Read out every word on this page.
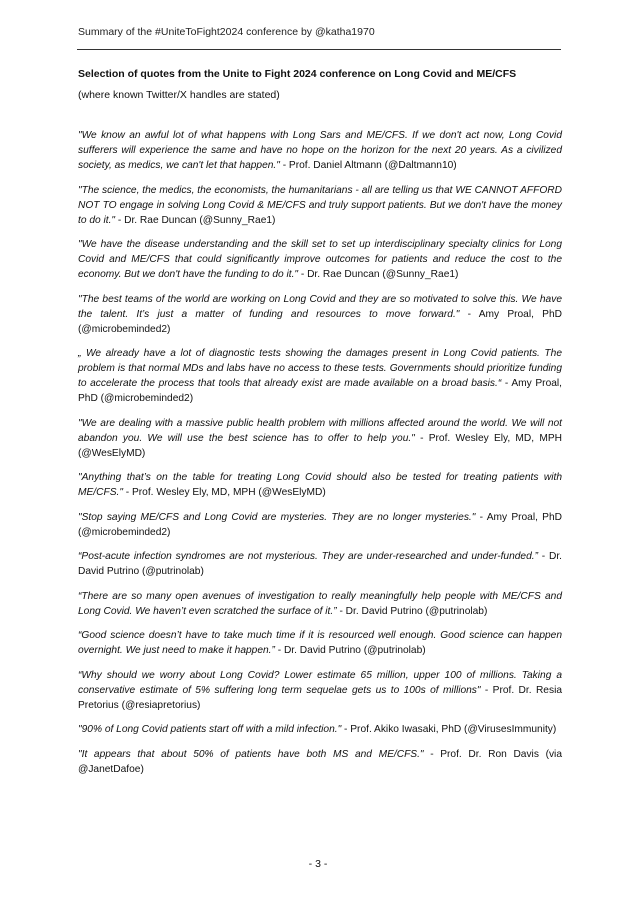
Summary of the #UniteToFight2024 conference by @katha1970
Selection of quotes from the Unite to Fight 2024 conference on Long Covid and ME/CFS
(where known Twitter/X handles are stated)

"We know an awful lot of what happens with Long Sars and ME/CFS. If we don't act now, Long Covid sufferers will experience the same and have no hope on the horizon for the next 20 years. As a civilized society, as medics, we can't let that happen." - Prof. Daniel Altmann (@Daltmann10)

"The science, the medics, the economists, the humanitarians - all are telling us that WE CANNOT AFFORD NOT TO engage in solving Long Covid & ME/CFS and truly support patients. But we don't have the money to do it." - Dr. Rae Duncan (@Sunny_Rae1)

"We have the disease understanding and the skill set to set up interdisciplinary specialty clinics for Long Covid and ME/CFS that could significantly improve outcomes for patients and reduce the cost to the economy. But we don't have the funding to do it." - Dr. Rae Duncan (@Sunny_Rae1)

"The best teams of the world are working on Long Covid and they are so motivated to solve this. We have the talent. It’s just a matter of funding and resources to move forward." - Amy Proal, PhD (@microbeminded2)

„ We already have a lot of diagnostic tests showing the damages present in Long Covid patients. The problem is that normal MDs and labs have no access to these tests. Governments should prioritize funding to accelerate the process that tools that already exist are made available on a broad basis.“ - Amy Proal, PhD (@microbeminded2)

"We are dealing with a massive public health problem with millions affected around the world. We will not abandon you. We will use the best science has to offer to help you." - Prof. Wesley Ely, MD, MPH (@WesElyMD)

"Anything that’s on the table for treating Long Covid should also be tested for treating patients with ME/CFS." - Prof. Wesley Ely, MD, MPH (@WesElyMD)

"Stop saying ME/CFS and Long Covid are mysteries. They are no longer mysteries." - Amy Proal, PhD (@microbeminded2)

“Post-acute infection syndromes are not mysterious. They are under-researched and under-funded.” - Dr. David Putrino (@putrinolab)

“There are so many open avenues of investigation to really meaningfully help people with ME/CFS and Long Covid. We haven’t even scratched the surface of it.” - Dr. David Putrino (@putrinolab)

“Good science doesn’t have to take much time if it is resourced well enough. Good science can happen overnight. We just need to make it happen.” - Dr. David Putrino (@putrinolab)

“Why should we worry about Long Covid? Lower estimate 65 million, upper 100 of millions. Taking a conservative estimate of 5% suffering long term sequelae gets us to 100s of millions" - Prof. Dr. Resia Pretorius (@resiapretorius)

"90% of Long Covid patients start off with a mild infection." - Prof. Akiko Iwasaki, PhD (@VirusesImmunity)

"It appears that about 50% of patients have both MS and ME/CFS." - Prof. Dr. Ron Davis (via @JanetDafoe)

- 3 -
